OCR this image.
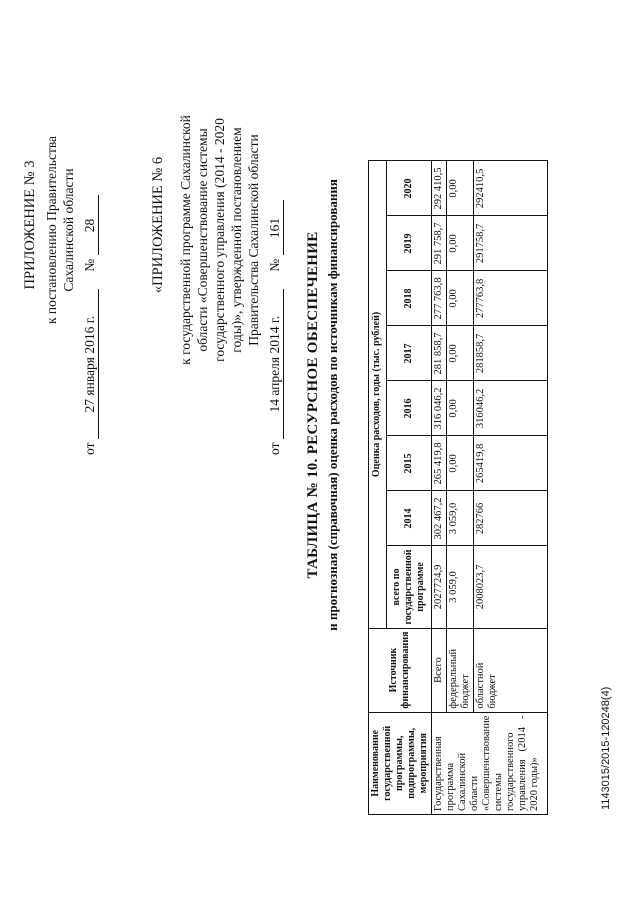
ПРИЛОЖЕНИЕ № 3 к постановлению Правительства Сахалинской области
от 27 января 2016 г. № 28	«ПРИЛОЖЕНИЕ № 6 к государственной программе Сахалинской области «Совершенствование системы государственного управления (2014 - 2020 годы)», утвержденной постановлением Правительства Сахалинской области
от 14 апреля 2014 г. № 161
ТАБЛИЦА № 10. РЕСУРСНОЕ ОБЕСПЕЧЕНИЕ и прогнозная (справочная) оценка расходов по источникам финансирования
Наименование государственной программы, подпрограммы, мероприятия	Источник финансирования	Оценка расходов, годы (тыс. рублей)							
		всего по государственной программе	2014	2015	2016	2017	2018	2019	2020
Государственная программа Сахалинской области «Совершенствование системы государственного управления (2014 - 2020 годы)»	Всего	2027724,9	302 467,2	265 419,8	316 046,2	281 858,7	277 763,8	291 758,7	292 410,5
	федеральный бюджет	3 059,0	3 059,0	0,00	0,00	0,00	0,00	0,00	0,00
	областной бюджет	2008023,7	282766	265419,8	316046,2	281858,7	277763,8	291758,7	292410,5
1143015/2015-120248(4)
